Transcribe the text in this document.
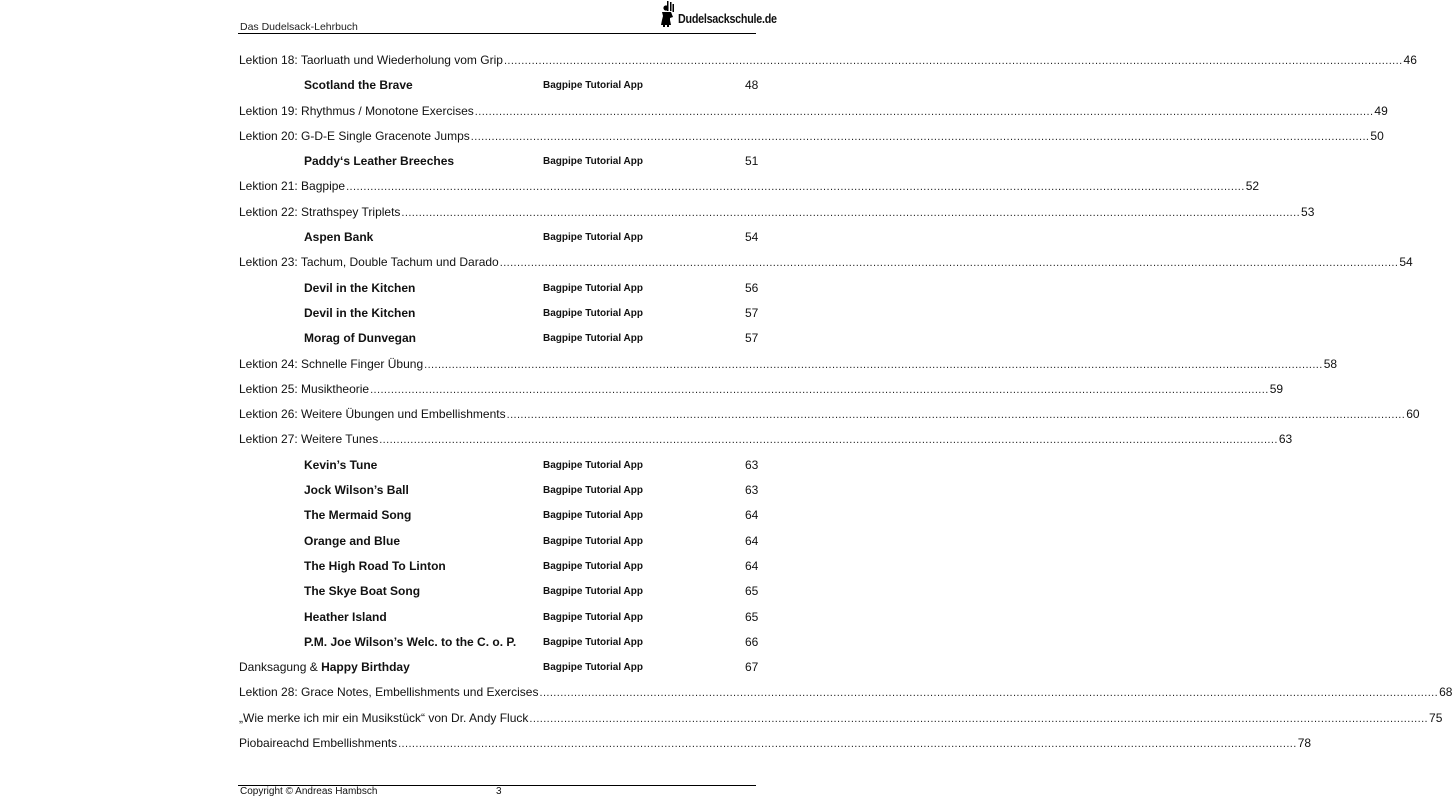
Das Dudelsack-Lehrbuch
Dudelsackschule.de
Lektion 18: Taorluath und Wiederholung vom Grip .................................................................................................................................................................................................................................................................... 46
Scotland the Brave	Bagpipe Tutorial App	48
Lektion 19: Rhythmus / Monotone Exercises .................................................................................................................................................................................................................................................................... 49
Lektion 20: G-D-E Single Gracenote Jumps .................................................................................................................................................................................................................................................................... 50
Paddy‘s Leather Breeches	Bagpipe Tutorial App	51
Lektion 21: Bagpipe .................................................................................................................................................................................................................................................................... 52
Lektion 22: Strathspey Triplets .................................................................................................................................................................................................................................................................... 53
Aspen Bank	Bagpipe Tutorial App	54
Lektion 23: Tachum, Double Tachum und Darado .................................................................................................................................................................................................................................................................... 54
Devil in the Kitchen	Bagpipe Tutorial App	56
Devil in the Kitchen	Bagpipe Tutorial App	57
Morag of Dunvegan	Bagpipe Tutorial App	57
Lektion 24: Schnelle Finger Übung .................................................................................................................................................................................................................................................................... 58
Lektion 25: Musiktheorie .................................................................................................................................................................................................................................................................... 59
Lektion 26: Weitere Übungen und Embellishments .................................................................................................................................................................................................................................................................... 60
Lektion 27: Weitere Tunes .................................................................................................................................................................................................................................................................... 63
Kevin’s Tune	Bagpipe Tutorial App	63
Jock Wilson’s Ball	Bagpipe Tutorial App	63
The Mermaid Song	Bagpipe Tutorial App	64
Orange and Blue	Bagpipe Tutorial App	64
The High Road To Linton	Bagpipe Tutorial App	64
The Skye Boat Song	Bagpipe Tutorial App	65
Heather Island	Bagpipe Tutorial App	65
P.M. Joe Wilson’s Welc. to the C. o. P.	Bagpipe Tutorial App	66
Danksagung & Happy Birthday	Bagpipe Tutorial App	67
Lektion 28: Grace Notes, Embellishments und Exercises .................................................................................................................................................................................................................................................................... 68
„Wie merke ich mir ein Musikstück“ von Dr. Andy Fluck .................................................................................................................................................................................................................................................................... 75
Piobaireachd Embellishments .................................................................................................................................................................................................................................................................... 78
Copyright © Andreas Hambsch	3
